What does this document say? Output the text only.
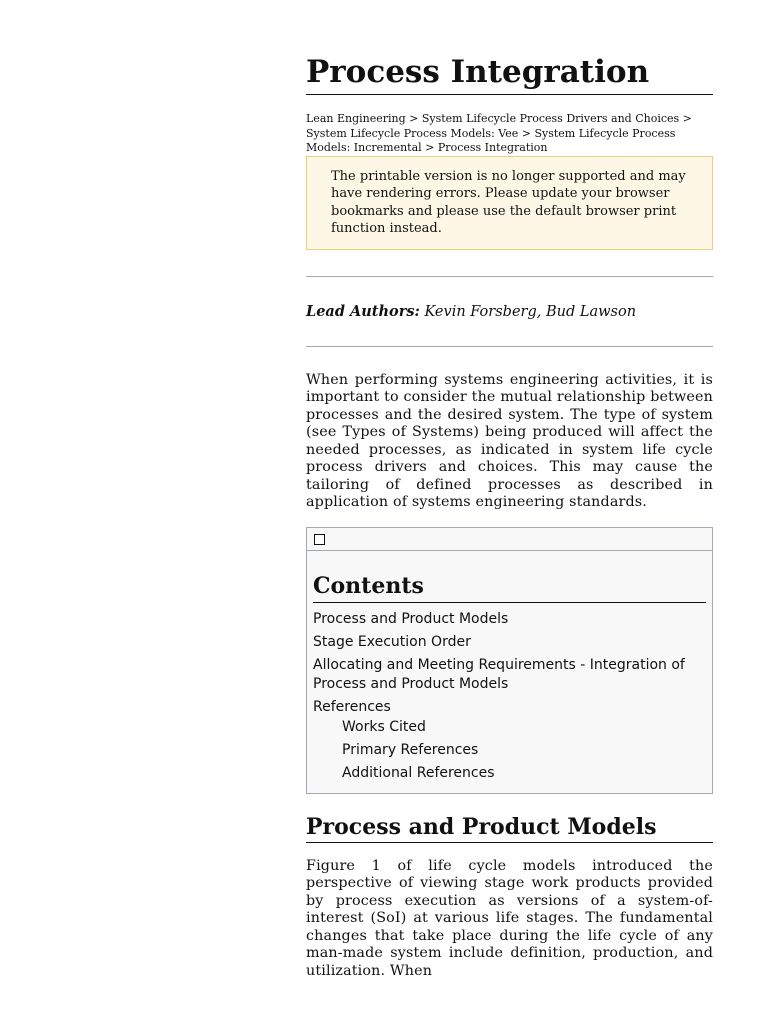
Process Integration
Lean Engineering > System Lifecycle Process Drivers and Choices > System Lifecycle Process Models: Vee > System Lifecycle Process Models: Incremental > Process Integration
The printable version is no longer supported and may have rendering errors. Please update your browser bookmarks and please use the default browser print function instead.
Lead Authors: Kevin Forsberg, Bud Lawson

When performing systems engineering activities, it is important to consider the mutual relationship between processes and the desired system. The type of system (see Types of Systems) being produced will affect the needed processes, as indicated in system life cycle process drivers and choices. This may cause the tailoring of defined processes as described in application of systems engineering standards.

Contents
Process and Product Models
Stage Execution Order
Allocating and Meeting Requirements - Integration of Process and Product Models
References
Works Cited
Primary References
Additional References
Process and Product Models

Figure 1 of life cycle models introduced the perspective of viewing stage work products provided by process execution as versions of a system-of-interest (SoI) at various life stages. The fundamental changes that take place during the life cycle of any man-made system include definition, production, and utilization. When
